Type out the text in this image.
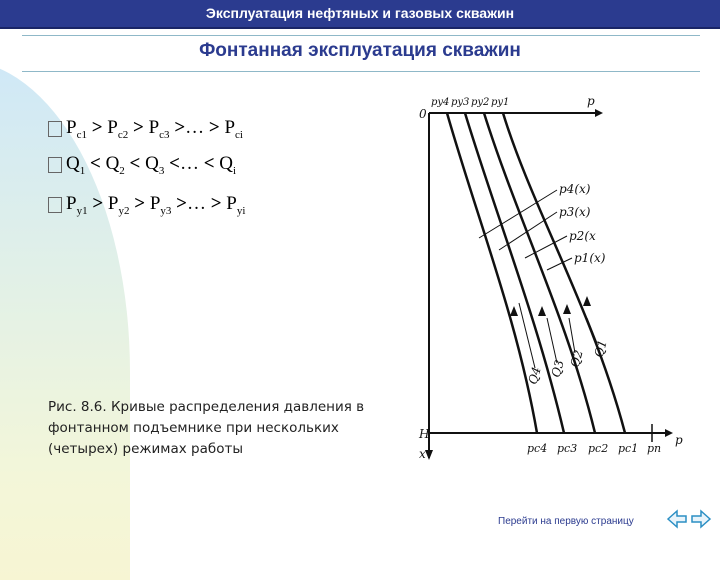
Эксплуатация нефтяных и газовых скважин
Фонтанная эксплуатация скважин
$P_{c1} > P_{c2} > P_{c3}$ >… > $P_{ci}$
$Q_1 < Q_2 < Q_3$ <… < $Q_i$
$P_{y1} > P_{y2} > P_{y3}$ >… > $P_{yi}$
Рис. 8.6. Кривые распределения давления в фонтанном подъемнике при нескольких (четырех) режимах работы
0
p
x
H	p
py4 py3 py2 py1
p4(x)
p3(x)
p2(x
p1(x)
Q4 Q3 Q2 Q1
pc4 pc3 pc2 pc1 pп
Перейти на первую страницу
